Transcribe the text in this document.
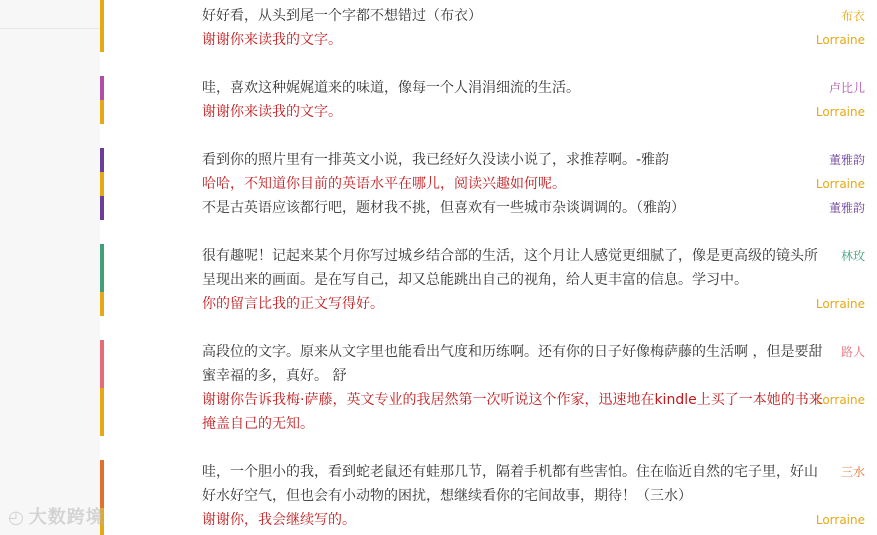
布衣
好好看，从头到尾一个字都不想错过（布衣）
Lorraine
谢谢你来读我的文字。
卢比儿
哇，喜欢这种娓娓道来的味道，像每一个人涓涓细流的生活。
Lorraine
谢谢你来读我的文字。
董雅韵
看到你的照片里有一排英文小说，我已经好久没读小说了，求推荐啊。-雅韵
Lorraine
哈哈，不知道你目前的英语水平在哪儿，阅读兴趣如何呢。
董雅韵
不是古英语应该都行吧，题材我不挑，但喜欢有一些城市杂谈调调的。（雅韵）
林玫
很有趣呢！记起来某个月你写过城乡结合部的生活，这个月让人感觉更细腻了，像是更高级的镜头所呈现出来的画面。是在写自己，却又总能跳出自己的视角，给人更丰富的信息。学习中。
Lorraine
你的留言比我的正文写得好。
路人
高段位的文字。原来从文字里也能看出气度和历练啊。还有你的日子好像梅萨藤的生活啊 ，但是要甜蜜幸福的多，真好。 舒
Lorraine
谢谢你告诉我梅·萨藤，英文专业的我居然第一次听说这个作家，迅速地在kindle上买了一本她的书来掩盖自己的无知。
三水
哇，一个胆小的我，看到蛇老鼠还有蛙那几节，隔着手机都有些害怕。住在临近自然的宅子里，好山好水好空气，但也会有小动物的困扰，想继续看你的宅间故事，期待！（三水）
Lorraine
谢谢你，我会继续写的。
◴ 大数跨境
